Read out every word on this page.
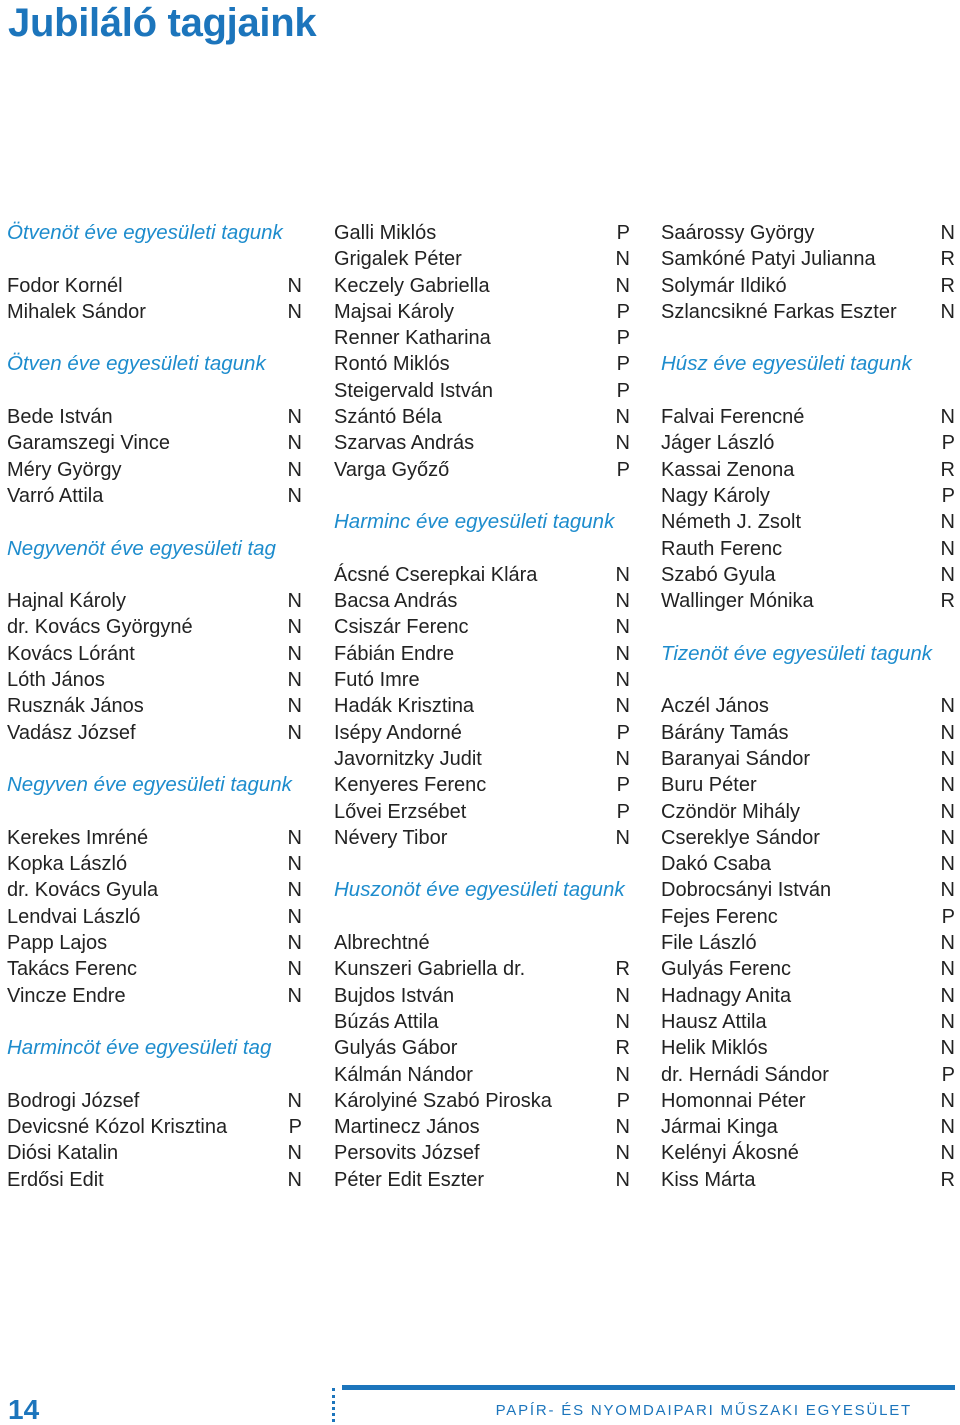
Jubiláló tagjaink
Ötvenöt éve egyesületi tagunk
Fodor Kornél	N
Mihalek Sándor	N
Ötven éve egyesületi tagunk
Bede István	N
Garamszegi Vince	N
Méry György	N
Varró Attila	N
Negyvenöt éve egyesületi tag
Hajnal Károly	N
dr. Kovács Györgyné	N
Kovács Lóránt	N
Lóth János	N
Rusznák János	N
Vadász József	N
Negyven éve egyesületi tagunk
Kerekes Imréné	N
Kopka László	N
dr. Kovács Gyula	N
Lendvai László	N
Papp Lajos	N
Takács Ferenc	N
Vincze Endre	N
Harmincöt éve egyesületi tag
Bodrogi József	N
Devicsné Kózol Krisztina	P
Diósi Katalin	N
Erdősi Edit	N
Galli Miklós	P
Grigalek Péter	N
Keczely Gabriella	N
Majsai Károly	P
Renner Katharina	P
Rontó Miklós	P
Steigervald István	P
Szántó Béla	N
Szarvas András	N
Varga Győző	P
Harminc éve egyesületi tagunk
Ácsné Cserepkai Klára	N
Bacsa András	N
Csiszár Ferenc	N
Fábián Endre	N
Futó Imre	N
Hadák Krisztina	N
Isépy Andorné	P
Javornitzky Judit	N
Kenyeres Ferenc	P
Lővei Erzsébet	P
Névery Tibor	N
Huszonöt éve egyesületi tagunk
Albrechtné
Kunszeri Gabriella dr.	R
Bujdos István	N
Búzás Attila	N
Gulyás Gábor	R
Kálmán Nándor	N
Károlyiné Szabó Piroska	P
Martinecz János	N
Persovits József	N
Péter Edit Eszter	N
Saárossy György	N
Samkóné Patyi Julianna	R
Solymár Ildikó	R
Szlancsikné Farkas Eszter N
Húsz éve egyesületi tagunk
Falvai Ferencné	N
Jáger László	P
Kassai Zenona	R
Nagy Károly	P
Németh J. Zsolt	N
Rauth Ferenc	N
Szabó Gyula	N
Wallinger Mónika	R
Tizenöt éve egyesületi tagunk
Aczél János	N
Bárány Tamás	N
Baranyai Sándor	N
Buru Péter	N
Czöndör Mihály	N
Csereklye Sándor	N
Dakó Csaba	N
Dobrocsányi István	N
Fejes Ferenc	P
File László	N
Gulyás Ferenc	N
Hadnagy Anita	N
Hausz Attila	N
Helik Miklós	N
dr. Hernádi Sándor	P
Homonnai Péter	N
Jármai Kinga	N
Kelényi Ákosné	N
Kiss Márta	R
14	PAPÍR- ÉS NYOMDAIPARI MŰSZAKI EGYESÜLET
